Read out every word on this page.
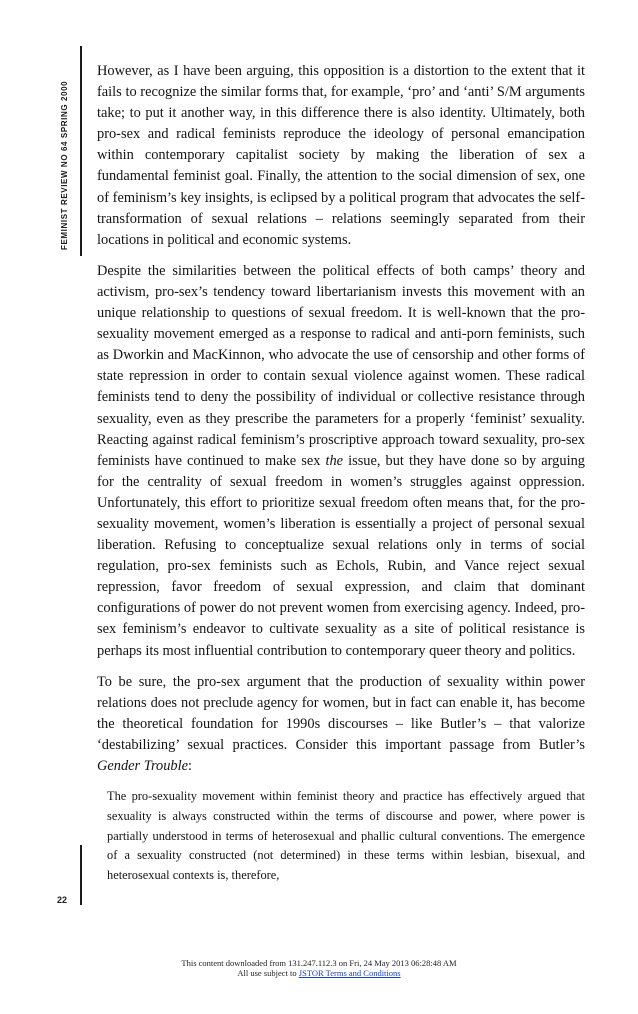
FEMINIST REVIEW NO 64 SPRING 2000
22

However, as I have been arguing, this opposition is a distortion to the extent that it fails to recognize the similar forms that, for example, ‘pro’ and ‘anti’ S/M arguments take; to put it another way, in this difference there is also identity. Ultimately, both pro-sex and radical feminists reproduce the ideology of personal emancipation within contemporary capitalist society by making the liberation of sex a fundamental feminist goal. Finally, the attention to the social dimension of sex, one of feminism’s key insights, is eclipsed by a political program that advocates the self-transformation of sexual relations – relations seemingly separated from their locations in political and economic systems.

Despite the similarities between the political effects of both camps’ theory and activism, pro-sex’s tendency toward libertarianism invests this movement with an unique relationship to questions of sexual freedom. It is well-known that the pro-sexuality movement emerged as a response to radical and anti-porn feminists, such as Dworkin and MacKinnon, who advocate the use of censorship and other forms of state repression in order to contain sexual violence against women. These radical feminists tend to deny the possibility of individual or collective resistance through sexuality, even as they prescribe the parameters for a properly ‘feminist’ sexuality. Reacting against radical feminism’s proscriptive approach toward sexuality, pro-sex feminists have continued to make sex the issue, but they have done so by arguing for the centrality of sexual freedom in women’s struggles against oppression. Unfortunately, this effort to prioritize sexual freedom often means that, for the pro-sexuality movement, women’s liberation is essentially a project of personal sexual liberation. Refusing to conceptualize sexual relations only in terms of social regulation, pro-sex feminists such as Echols, Rubin, and Vance reject sexual repression, favor freedom of sexual expression, and claim that dominant configurations of power do not prevent women from exercising agency. Indeed, pro-sex feminism’s endeavor to cultivate sexuality as a site of political resistance is perhaps its most influential contribution to contemporary queer theory and politics.

To be sure, the pro-sex argument that the production of sexuality within power relations does not preclude agency for women, but in fact can enable it, has become the theoretical foundation for 1990s discourses – like Butler’s – that valorize ‘destabilizing’ sexual practices. Consider this important passage from Butler’s Gender Trouble:

The pro-sexuality movement within feminist theory and practice has effectively argued that sexuality is always constructed within the terms of discourse and power, where power is partially understood in terms of heterosexual and phallic cultural conventions. The emergence of a sexuality constructed (not determined) in these terms within lesbian, bisexual, and heterosexual contexts is, therefore,

This content downloaded from 131.247.112.3 on Fri, 24 May 2013 06:28:48 AM
All use subject to JSTOR Terms and Conditions
